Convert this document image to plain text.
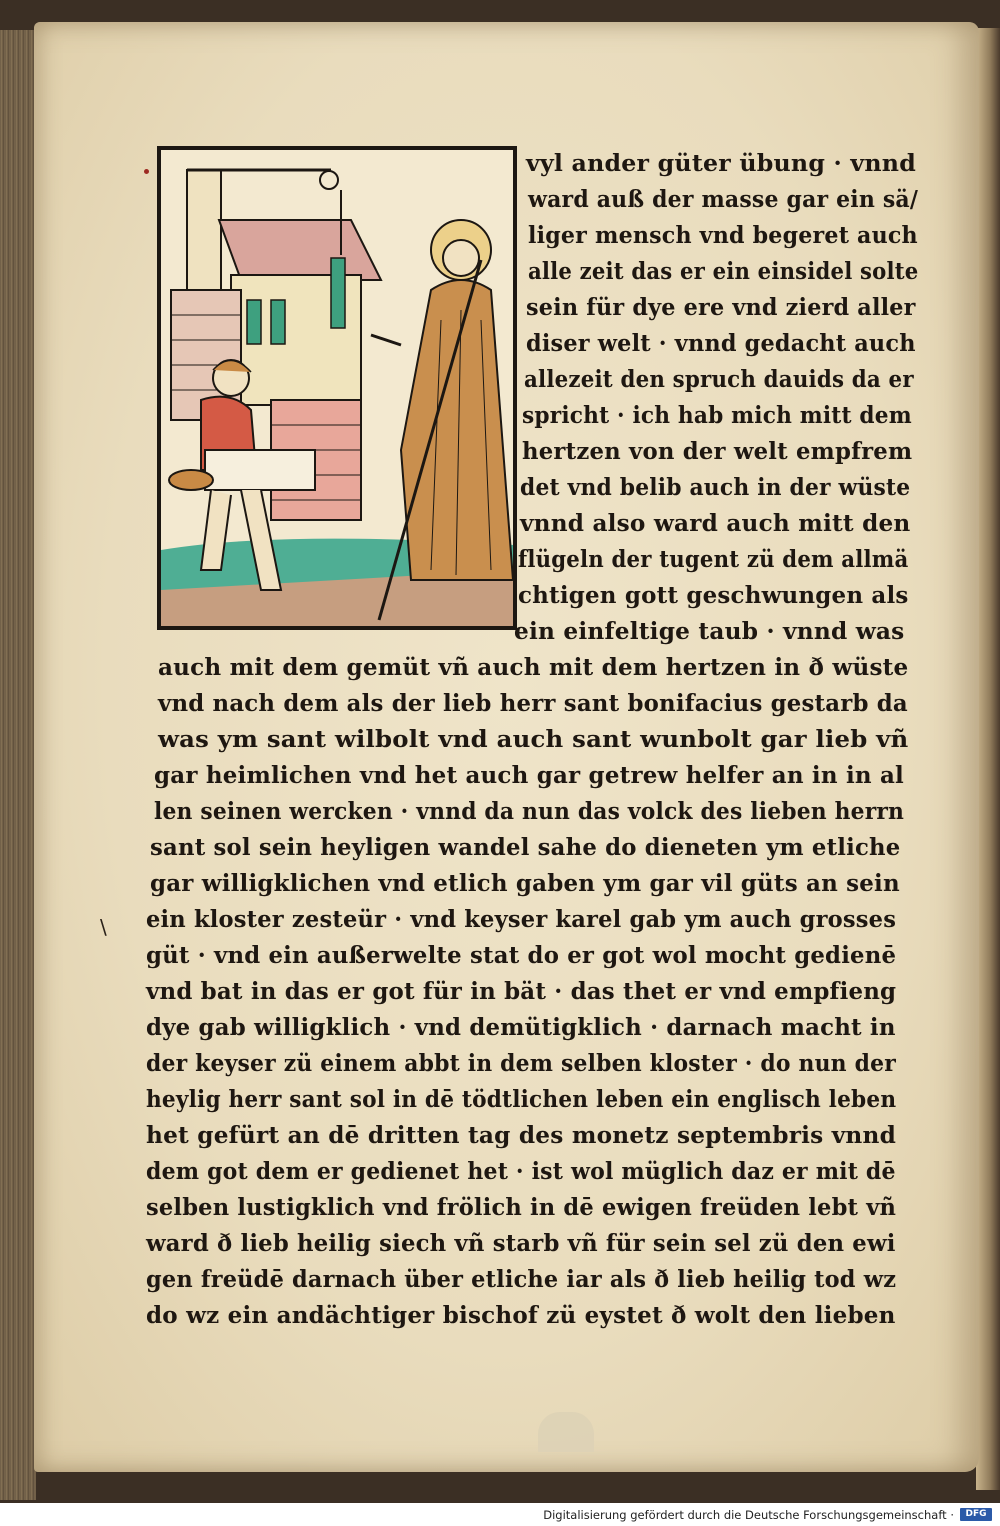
vyl ander güter übung · vnnd
ward auß der masse gar ein sä/
liger mensch vnd begeret auch
alle zeit das er ein einsidel solte
sein für dye ere vnd zierd aller
diser welt · vnnd gedacht auch
allezeit den spruch dauids da er
spricht · ich hab mich mitt dem
hertzen von der welt empfrem
det vnd belib auch in der wüste
vnnd also ward auch mitt den
flügeln der tugent zü dem allmä
chtigen gott geschwungen als
ein einfeltige taub · vnnd was
auch mit dem gemüt vñ auch mit dem hertzen in ð wüste
vnd nach dem als der lieb herr sant bonifacius gestarb da
was ym sant wilbolt vnd auch sant wunbolt gar lieb vñ
gar heimlichen vnd het auch gar getrew helfer an in in al
len seinen wercken · vnnd da nun das volck des lieben herrn
sant sol sein heyligen wandel sahe do dieneten ym etliche
gar willigklichen vnd etlich gaben ym gar vil güts an sein
ein kloster zesteür · vnd keyser karel gab ym auch grosses
güt · vnd ein außerwelte stat do er got wol mocht gedienē
vnd bat in das er got für in bät · das thet er vnd empfieng
dye gab willigklich · vnd demütigklich · darnach macht in
der keyser zü einem abbt in dem selben kloster · do nun der
heylig herr sant sol in dē tödtlichen leben ein englisch leben
het gefürt an dē dritten tag des monetz septembris vnnd
dem got dem er gedienet het · ist wol müglich daz er mit dē
selben lustigklich vnd frölich in dē ewigen freüden lebt vñ
ward ð lieb heilig siech vñ starb vñ für sein sel zü den ewi
gen freüdē darnach über etliche iar als ð lieb heilig tod wz
do wz ein andächtiger bischof zü eystet ð wolt den lieben
\
Digitalisierung gefördert durch die Deutsche Forschungsgemeinschaft ·	DFG
